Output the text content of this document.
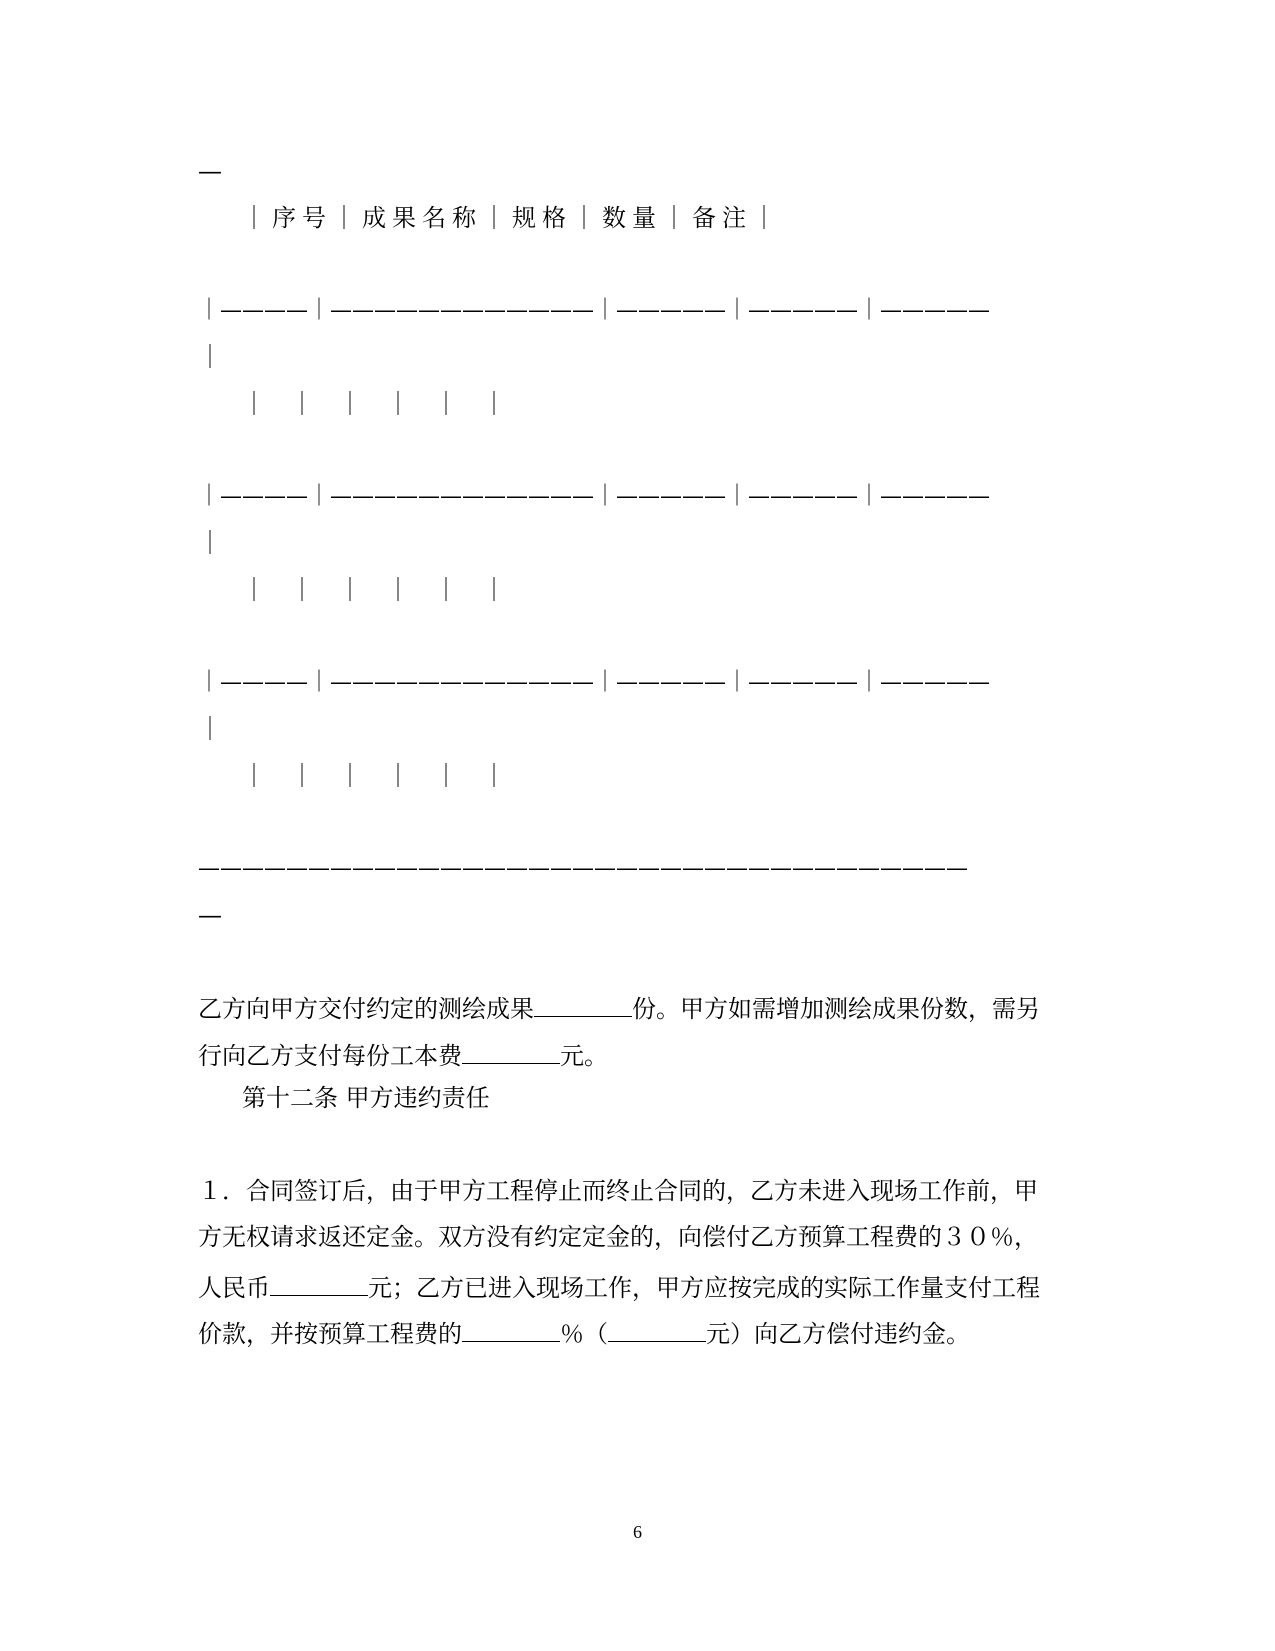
—
｜序号｜成果名称｜规格｜数量｜备注｜
｜————｜————————————｜—————｜—————｜—————
｜
｜　｜　｜　｜　｜　｜
｜————｜————————————｜—————｜—————｜—————
｜
｜　｜　｜　｜　｜　｜
｜————｜————————————｜—————｜—————｜—————
｜
｜　｜　｜　｜　｜　｜
———————————————————————————————————
—
乙方向甲方交付约定的测绘成果	份。甲方如需增加测绘成果份数，需另
行向乙方支付每份工本费	元。
第十二条 甲方违约责任
１．合同签订后，由于甲方工程停止而终止合同的，乙方未进入现场工作前，甲
方无权请求返还定金。双方没有约定定金的，向偿付乙方预算工程费的３０％，
人民币	元；乙方已进入现场工作，甲方应按完成的实际工作量支付工程
价款，并按预算工程费的	％（	元）向乙方偿付违约金。
6
